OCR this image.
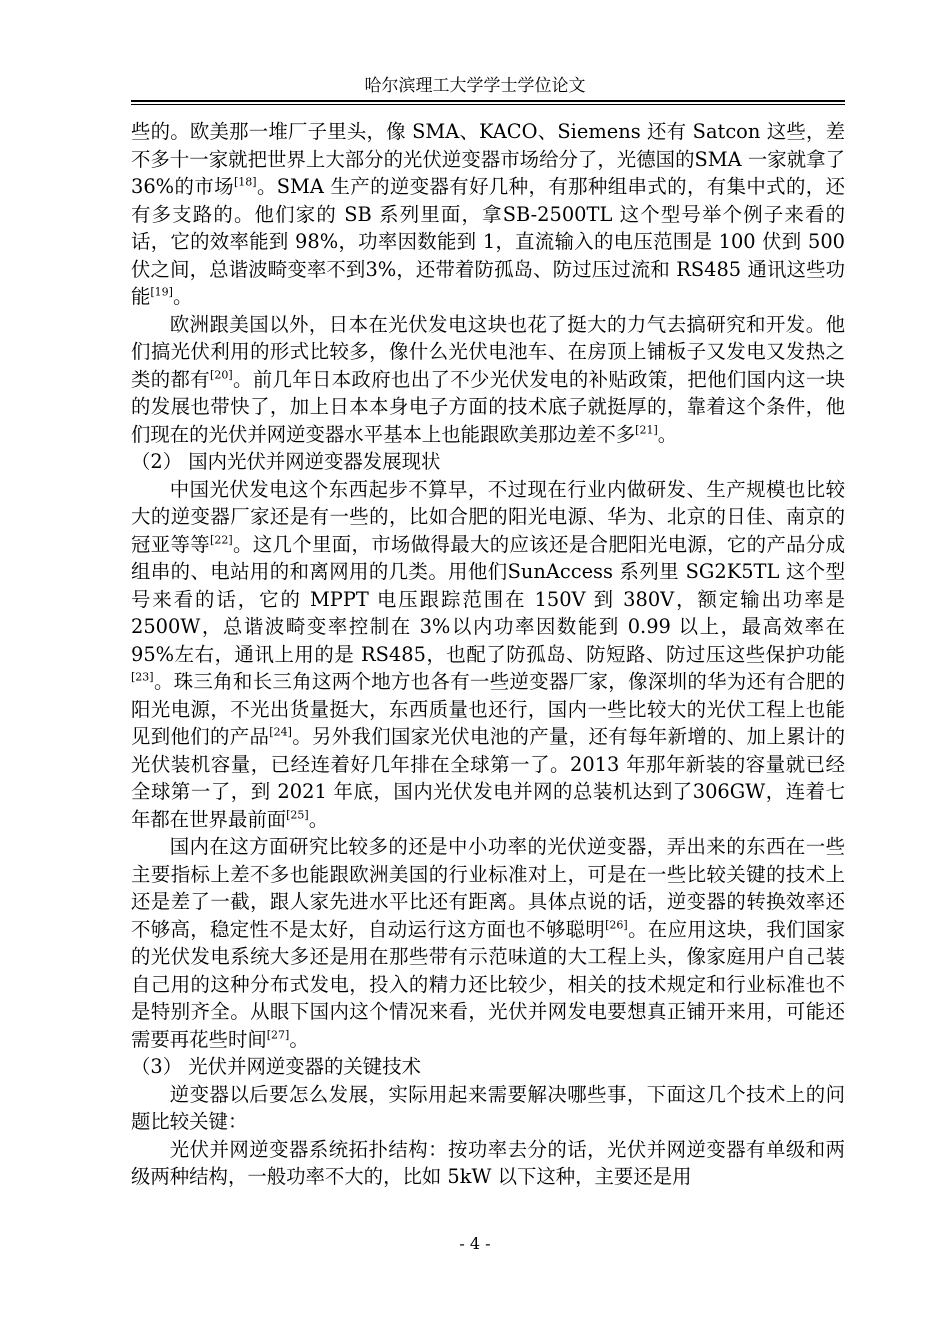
哈尔滨理工大学学士学位论文

些的。欧美那一堆厂子里头，像 SMA、KACO、Siemens 还有 Satcon 这些，差不多十一家就把世界上大部分的光伏逆变器市场给分了，光德国的SMA 一家就拿了 36%的市场[18]。SMA 生产的逆变器有好几种，有那种组串式的，有集中式的，还有多支路的。他们家的 SB 系列里面，拿SB-2500TL 这个型号举个例子来看的话，它的效率能到 98%，功率因数能到 1，直流输入的电压范围是 100 伏到 500 伏之间，总谐波畸变率不到3%，还带着防孤岛、防过压过流和 RS485 通讯这些功能[19]。

欧洲跟美国以外，日本在光伏发电这块也花了挺大的力气去搞研究和开发。他们搞光伏利用的形式比较多，像什么光伏电池车、在房顶上铺板子又发电又发热之类的都有[20]。前几年日本政府也出了不少光伏发电的补贴政策，把他们国内这一块的发展也带快了，加上日本本身电子方面的技术底子就挺厚的，靠着这个条件，他们现在的光伏并网逆变器水平基本上也能跟欧美那边差不多[21]。

（2） 国内光伏并网逆变器发展现状

中国光伏发电这个东西起步不算早，不过现在行业内做研发、生产规模也比较大的逆变器厂家还是有一些的，比如合肥的阳光电源、华为、北京的日佳、南京的冠亚等等[22]。这几个里面，市场做得最大的应该还是合肥阳光电源，它的产品分成组串的、电站用的和离网用的几类。用他们SunAccess 系列里 SG2K5TL 这个型号来看的话，它的 MPPT 电压跟踪范围在 150V 到 380V，额定输出功率是 2500W，总谐波畸变率控制在 3%以内功率因数能到 0.99 以上，最高效率在 95%左右，通讯上用的是 RS485，也配了防孤岛、防短路、防过压这些保护功能[23]。珠三角和长三角这两个地方也各有一些逆变器厂家，像深圳的华为还有合肥的阳光电源，不光出货量挺大，东西质量也还行，国内一些比较大的光伏工程上也能见到他们的产品[24]。另外我们国家光伏电池的产量，还有每年新增的、加上累计的光伏装机容量，已经连着好几年排在全球第一了。2013 年那年新装的容量就已经全球第一了，到 2021 年底，国内光伏发电并网的总装机达到了306GW，连着七年都在世界最前面[25]。

国内在这方面研究比较多的还是中小功率的光伏逆变器，弄出来的东西在一些主要指标上差不多也能跟欧洲美国的行业标准对上，可是在一些比较关键的技术上还是差了一截，跟人家先进水平比还有距离。具体点说的话，逆变器的转换效率还不够高，稳定性不是太好，自动运行这方面也不够聪明[26]。在应用这块，我们国家的光伏发电系统大多还是用在那些带有示范味道的大工程上头，像家庭用户自己装自己用的这种分布式发电，投入的精力还比较少，相关的技术规定和行业标准也不是特别齐全。从眼下国内这个情况来看，光伏并网发电要想真正铺开来用，可能还需要再花些时间[27]。

（3） 光伏并网逆变器的关键技术

逆变器以后要怎么发展，实际用起来需要解决哪些事，下面这几个技术上的问题比较关键：

光伏并网逆变器系统拓扑结构：按功率去分的话，光伏并网逆变器有单级和两级两种结构，一般功率不大的，比如 5kW 以下这种，主要还是用

- 4 -
